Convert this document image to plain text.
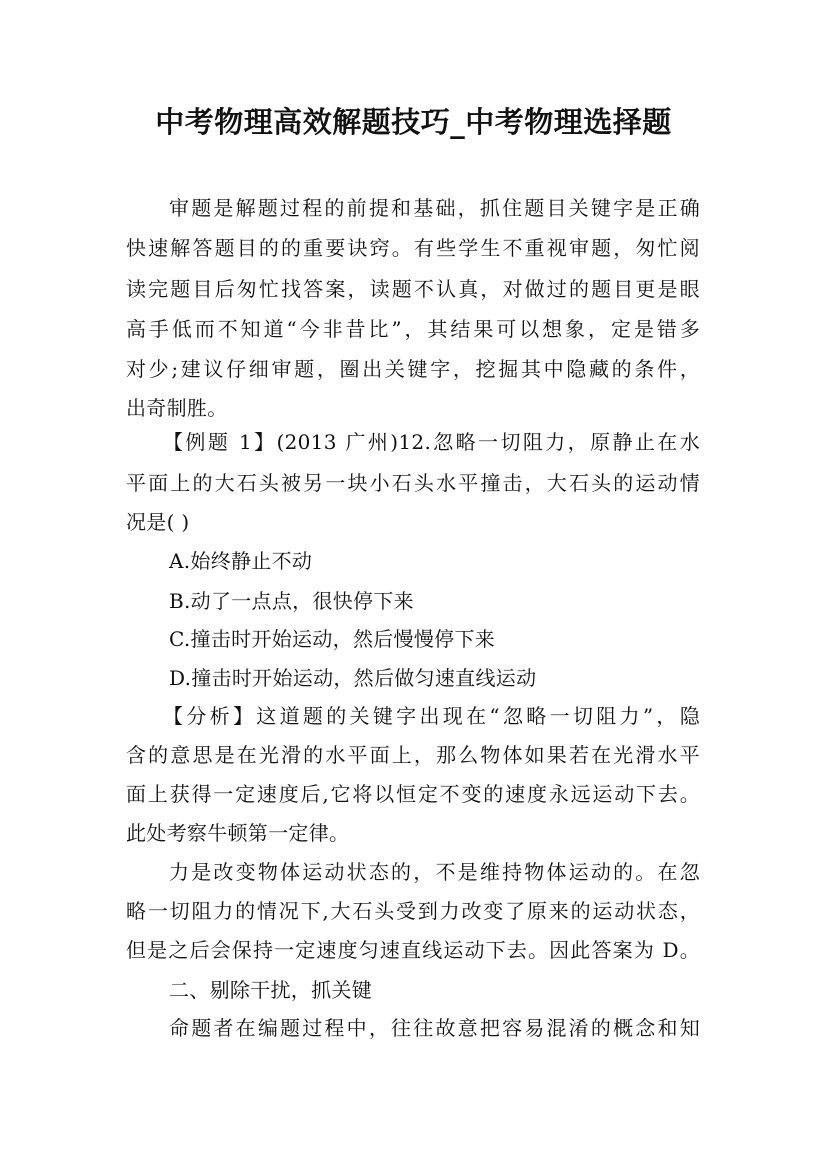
中考物理高效解题技巧_中考物理选择题
审题是解题过程的前提和基础，抓住题目关键字是正确
快速解答题目的的重要诀窍。有些学生不重视审题，匆忙阅
读完题目后匆忙找答案，读题不认真，对做过的题目更是眼
高手低而不知道“今非昔比”，其结果可以想象，定是错多
对少;建议仔细审题，圈出关键字，挖掘其中隐藏的条件，
出奇制胜。
【例题 1】(2013 广州)12.忽略一切阻力，原静止在水
平面上的大石头被另一块小石头水平撞击，大石头的运动情
况是( )
A.始终静止不动
B.动了一点点，很快停下来
C.撞击时开始运动，然后慢慢停下来
D.撞击时开始运动，然后做匀速直线运动
【分析】这道题的关键字出现在“忽略一切阻力”，隐
含的意思是在光滑的水平面上，那么物体如果若在光滑水平
面上获得一定速度后,它将以恒定不变的速度永远运动下去。
此处考察牛顿第一定律。
力是改变物体运动状态的，不是维持物体运动的。在忽
略一切阻力的情况下,大石头受到力改变了原来的运动状态，
但是之后会保持一定速度匀速直线运动下去。因此答案为 D。
二、剔除干扰，抓关键
命题者在编题过程中，往往故意把容易混淆的概念和知
